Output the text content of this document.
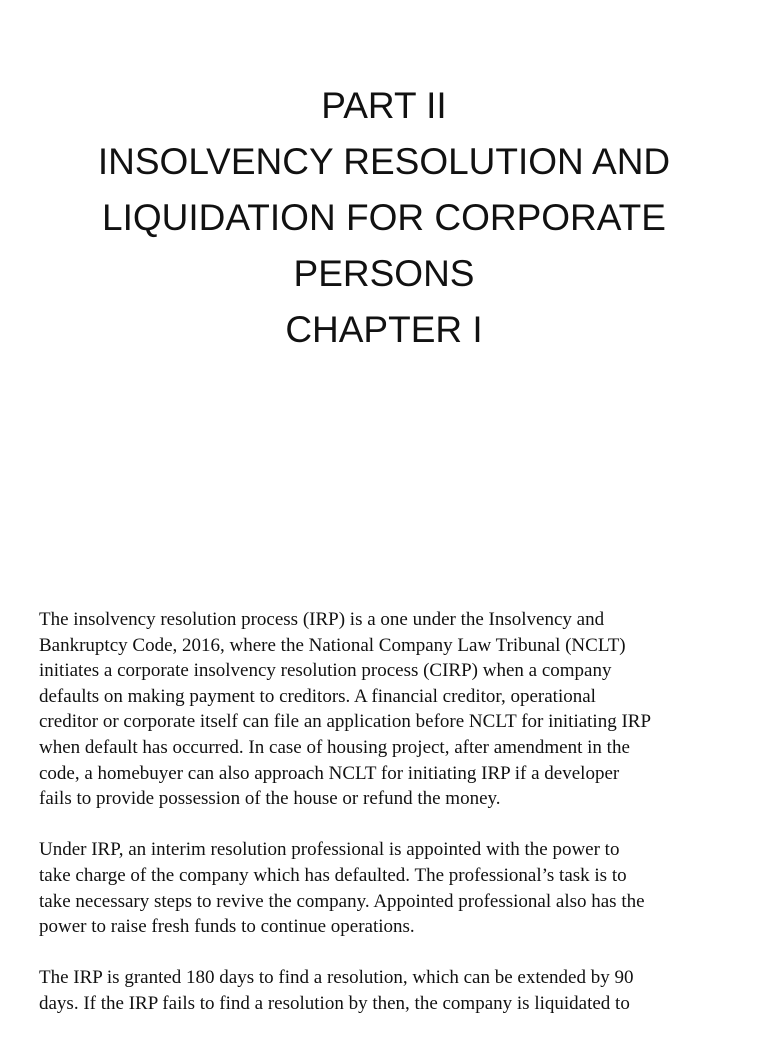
PART II
INSOLVENCY RESOLUTION AND
LIQUIDATION FOR CORPORATE
PERSONS
CHAPTER I

The insolvency resolution process (IRP) is a one under the Insolvency and
Bankruptcy Code, 2016, where the National Company Law Tribunal (NCLT)
initiates a corporate insolvency resolution process (CIRP) when a company
defaults on making payment to creditors. A financial creditor, operational
creditor or corporate itself can file an application before NCLT for initiating IRP
when default has occurred. In case of housing project, after amendment in the
code, a homebuyer can also approach NCLT for initiating IRP if a developer
fails to provide possession of the house or refund the money.

Under IRP, an interim resolution professional is appointed with the power to
take charge of the company which has defaulted. The professional’s task is to
take necessary steps to revive the company. Appointed professional also has the
power to raise fresh funds to continue operations.

The IRP is granted 180 days to find a resolution, which can be extended by 90
days. If the IRP fails to find a resolution by then, the company is liquidated to
